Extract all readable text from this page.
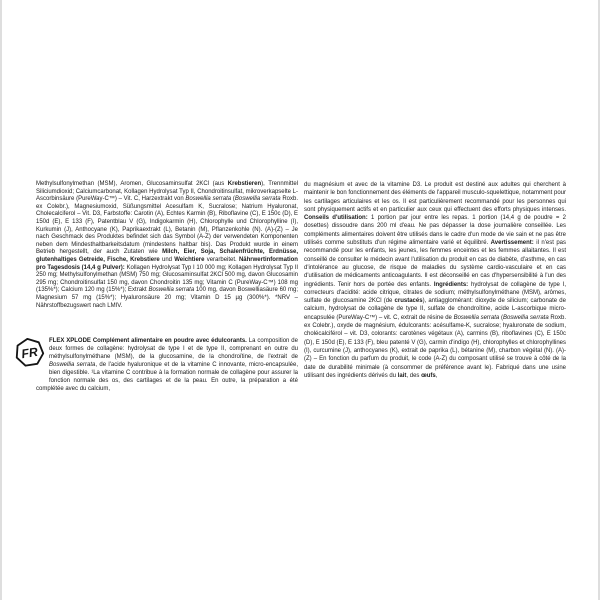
Methylsulfonylmethan (MSM), Aromen, Glucosaminsulfat 2KCl (aus Krebstieren), Trennmittel Siliciumdioxid; Calciumcarbonat, Kollagen Hydrolysat Typ II, Chondroitinsulfat, mikroverkapselte L-Ascorbinsäure (PureWay-C™) – Vit. C, Harzextrakt von Boswellia serrata (Boswellia serrata Roxb. ex Colebr.), Magnesiumoxid, Süßungsmittel Acesulfam K, Sucralose; Natrium Hyaluronat, Cholecalciferol – Vit. D3, Farbstoffe: Carotin (A), Echtes Karmin (B), Riboflavine (C), E 150c (D), E 150d (E), E 133 (F), Patentblau V (G), Indigokarmin (H), Chlorophylle und Chlorophylline (I), Kurkumin (J), Anthocyane (K), Paprikaextrakt (L), Betanin (M), Pflanzenkohle (N). (A)-(Z) – Je nach Geschmack des Produktes befindet sich das Symbol (A-Z) der verwendeten Komponenten neben dem Mindesthaltbarkeitsdatum (mindestens haltbar bis). Das Produkt wurde in einem Betrieb hergestellt, der auch Zutaten wie Milch, Eier, Soja, Schalenfrüchte, Erdnüsse, glutenhaltiges Getreide, Fische, Krebstiere und Weichtiere verarbeitet. Nährwertinformation pro Tagesdosis (14,4 g Pulver): Kollagen Hydrolysat Typ I 10 000 mg; Kollagen Hydrolysat Typ II 250 mg; Methylsulfonylmethan (MSM) 750 mg; Glucosaminsulfat 2KCl 500 mg, davon Glucosamin 295 mg; Chondroitinsulfat 150 mg, davon Chondroitin 135 mg; Vitamin C (PureWay-C™) 108 mg (135%*); Calcium 120 mg (15%*); Extrakt Boswellia serrata 100 mg, davon Boswelliasäure 60 mg; Magnesium 57 mg (15%*); Hyaluronsäure 20 mg; Vitamin D 15 µg (300%*). *NRV – Nährstoffbezugswert nach LMIV.

FR
FLEX XPLODE Complément alimentaire en poudre avec édulcorants. La composition de deux formes de collagène: hydrolysat de type I et de type II, comprenant en outre du méthylsulfonylméthane (MSM), de la glucosamine, de la chondroïtine, de l'extrait de Boswellia serrata, de l'acide hyaluronique et de la vitamine C innovante, micro-encapsulée, bien digestible. ¹La vitamine C contribue à la formation normale de collagène pour assurer la fonction normale des os, des cartilages et de la peau. En outre, la préparation a été complétée avec du calcium,

du magnésium et avec de la vitamine D3. Le produit est destiné aux adultes qui cherchent à maintenir le bon fonctionnement des éléments de l'appareil musculo-squelettique, notamment pour les cartilages articulaires et les os. Il est particulièrement recommandé pour les personnes qui sont physiquement actifs et en particulier aux ceux qui effectuent des efforts physiques intenses. Conseils d'utilisation: 1 portion par jour entre les repas. 1 portion (14,4 g de poudre = 2 dosettes) dissoudre dans 200 ml d'eau. Ne pas dépasser la dose journalière conseillée. Les compléments alimentaires doivent être utilisés dans le cadre d'un mode de vie sain et ne pas être utilisés comme substituts d'un régime alimentaire varié et équilibré. Avertissement: il n'est pas recommandé pour les enfants, les jeunes, les femmes enceintes et les femmes allaitantes. Il est conseillé de consulter le médecin avant l'utilisation du produit en cas de diabète, d'asthme, en cas d'intolérance au glucose, de risque de maladies du système cardio-vasculaire et en cas d'utilisation de médicaments anticoagulants. Il est déconseillé en cas d'hypersensibilité à l'un des ingrédients. Tenir hors de portée des enfants. Ingrédients: hydrolysat de collagène de type I, correcteurs d'acidité: acide citrique, citrates de sodium; méthylsulfonylméthane (MSM), arômes, sulfate de glucosamine 2KCl (de crustacés), antiagglomérant: dioxyde de silicium; carbonate de calcium, hydrolysat de collagène de type II, sulfate de chondroïtine, acide L-ascorbique micro-encapsulée (PureWay-C™) – vit. C, extrait de résine de Boswellia serrata (Boswellia serrata Roxb. ex Colebr.), oxyde de magnésium, édulcorants: acésulfame-K, sucralose; hyaluronate de sodium, cholécalciférol – vit. D3, colorants: carotènes végétaux (A), carmins (B), riboflavines (C), E 150c (D), E 150d (E), E 133 (F), bleu patenté V (G), carmin d'indigo (H), chlorophylles et chlorophyllines (I), curcumine (J), anthocyanes (K), extrait de paprika (L), bétanine (M), charbon végétal (N). (A)-(Z) – En fonction du parfum du produit, le code (A-Z) du composant utilisé se trouve à côté de la date de durabilité minimale (à consommer de préférence avant le). Fabriqué dans une usine utilisant des ingrédients dérivés du lait, des œufs,
